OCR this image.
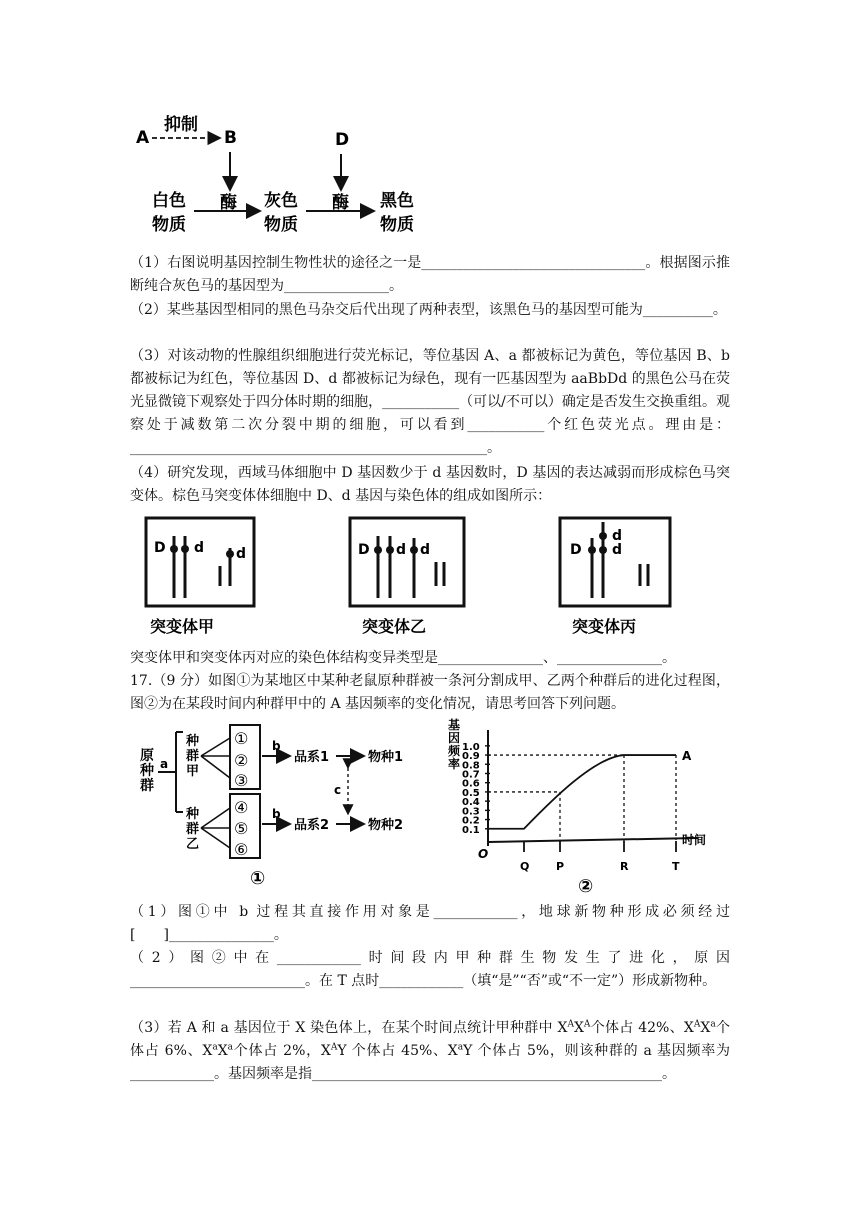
A
抑制
B
酶
D
酶
白色
物质
灰色
物质
黑色
物质
（1）右图说明基因控制生物性状的途径之一是________________________________。根据图示推断纯合灰色马的基因型为_______________。
（2）某些基因型相同的黑色马杂交后代出现了两种表型，该黑色马的基因型可能为__________。
（3）对该动物的性腺组织细胞进行荧光标记，等位基因 A、a 都被标记为黄色，等位基因 B、b 都被标记为红色，等位基因 D、d 都被标记为绿色，现有一匹基因型为 aaBbDd 的黑色公马在荧光显微镜下观察处于四分体时期的细胞，___________（可以/不可以）确定是否发生交换重组。观察处于减数第二次分裂中期的细胞，可以看到___________个红色荧光点。理由是：___________________________________________________。
（4）研究发现，西域马体细胞中 D 基因数少于 d 基因数时，D 基因的表达减弱而形成棕色马突变体。棕色马突变体体细胞中 D、d 基因与染色体的组成如图所示：
D d d
突变体甲
D d d
突变体乙
D
d
d
突变体丙
突变体甲和突变体丙对应的染色体结构变异类型是_______________、_______________。
17.（9 分）如图①为某地区中某种老鼠原种群被一条河分割成甲、乙两个种群后的进化过程图，图②为在某段时间内种群甲中的 A 基因频率的变化情况，请思考回答下列问题。
原
种
群
a
种
群
甲
种
群
乙
①
②
③
④
⑤
⑥
b
品系1	物种1
b
品系2	物种2
c
①
基
因
频
率
1.0
0.9
0.8
0.7
0.6
0.5
0.4
0.3
0.2
0.1
O
Q P	R	T
时间
A
②
（1）图①中 b 过程其直接作用对象是____________，地球新物种形成必须经过[　　]_______________。
（2）图②中在____________时间段内甲种群生物发生了进化，原因_________________________。在 T 点时____________（填“是”“否”或“不一定”）形成新物种。
（3）若 A 和 a 基因位于 X 染色体上，在某个时间点统计甲种群中 $X^AX^A$个体占 42%、$X^AX^a$个体占 6%、$X^aX^a$个体占 2%，$X^AY$ 个体占 45%、$X^aY$ 个体占 5%，则该种群的 a 基因频率为____________。基因频率是指__________________________________________________。
